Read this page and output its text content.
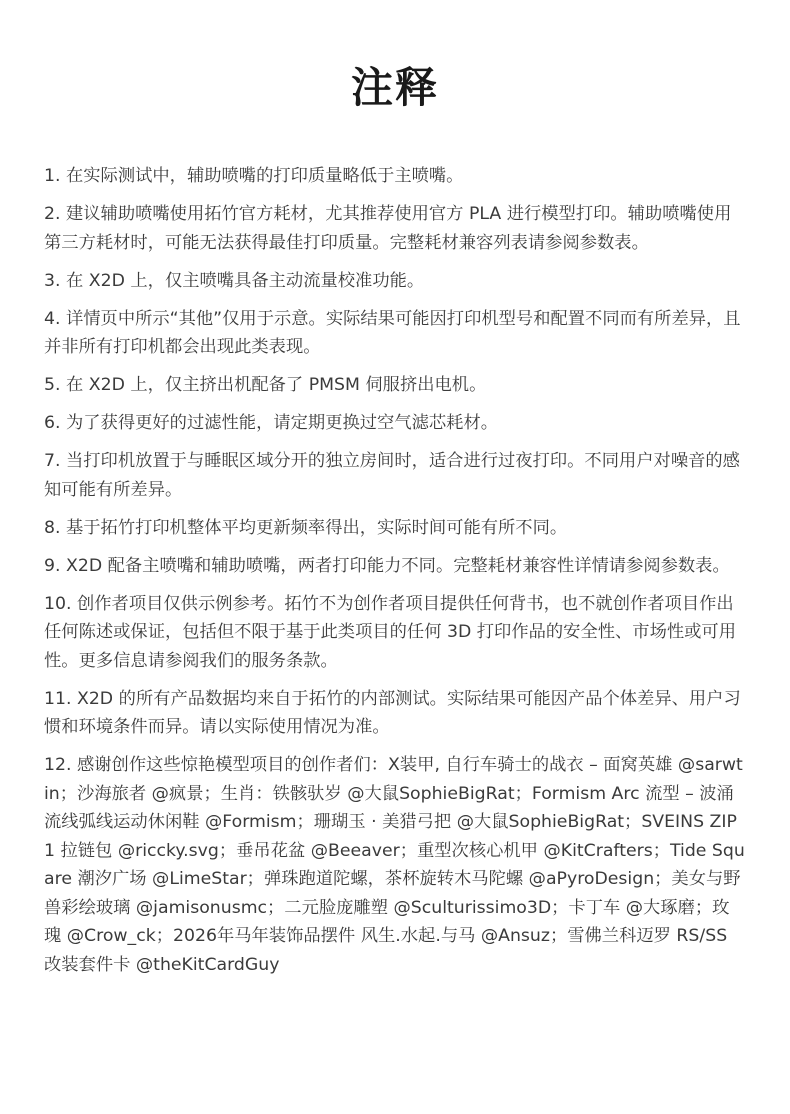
注释
1. 在实际测试中，辅助喷嘴的打印质量略低于主喷嘴。
2. 建议辅助喷嘴使用拓竹官方耗材，尤其推荐使用官方 PLA 进行模型打印。辅助喷嘴使用第三方耗材时，可能无法获得最佳打印质量。完整耗材兼容列表请参阅参数表。
3. 在 X2D 上，仅主喷嘴具备主动流量校准功能。
4. 详情页中所示“其他”仅用于示意。实际结果可能因打印机型号和配置不同而有所差异，且并非所有打印机都会出现此类表现。
5. 在 X2D 上，仅主挤出机配备了 PMSM 伺服挤出电机。
6. 为了获得更好的过滤性能，请定期更换过空气滤芯耗材。
7. 当打印机放置于与睡眠区域分开的独立房间时，适合进行过夜打印。不同用户对噪音的感知可能有所差异。
8. 基于拓竹打印机整体平均更新频率得出，实际时间可能有所不同。
9. X2D 配备主喷嘴和辅助喷嘴，两者打印能力不同。完整耗材兼容性详情请参阅参数表。
10. 创作者项目仅供示例参考。拓竹不为创作者项目提供任何背书，也不就创作者项目作出任何陈述或保证，包括但不限于基于此类项目的任何 3D 打印作品的安全性、市场性或可用性。更多信息请参阅我们的服务条款。
11. X2D 的所有产品数据均来自于拓竹的内部测试。实际结果可能因产品个体差异、用户习惯和环境条件而异。请以实际使用情况为准。
12. 感谢创作这些惊艳模型项目的创作者们：X装甲, 自行车骑士的战衣 – 面窝英雄 @sarwtin；沙海旅者 @疯景；生肖：铁骸驮岁 @大鼠SophieBigRat；Formism Arc 流型 – 波涌流线弧线运动休闲鞋 @Formism；珊瑚玉 · 美猎弓把 @大鼠SophieBigRat；SVEINS ZIP 1 拉链包 @riccky.svg；垂吊花盆 @Beeaver；重型次核心机甲 @KitCrafters；Tide Square 潮汐广场 @LimeStar；弹珠跑道陀螺，茶杯旋转木马陀螺 @aPyroDesign；美女与野兽彩绘玻璃 @jamisonusmc；二元脸庞雕塑 @Sculturissimo3D；卡丁车 @大琢磨；玫瑰 @Crow_ck；2026年马年装饰品摆件 风生.水起.与马 @Ansuz；雪佛兰科迈罗 RS/SS 改装套件卡 @theKitCardGuy
